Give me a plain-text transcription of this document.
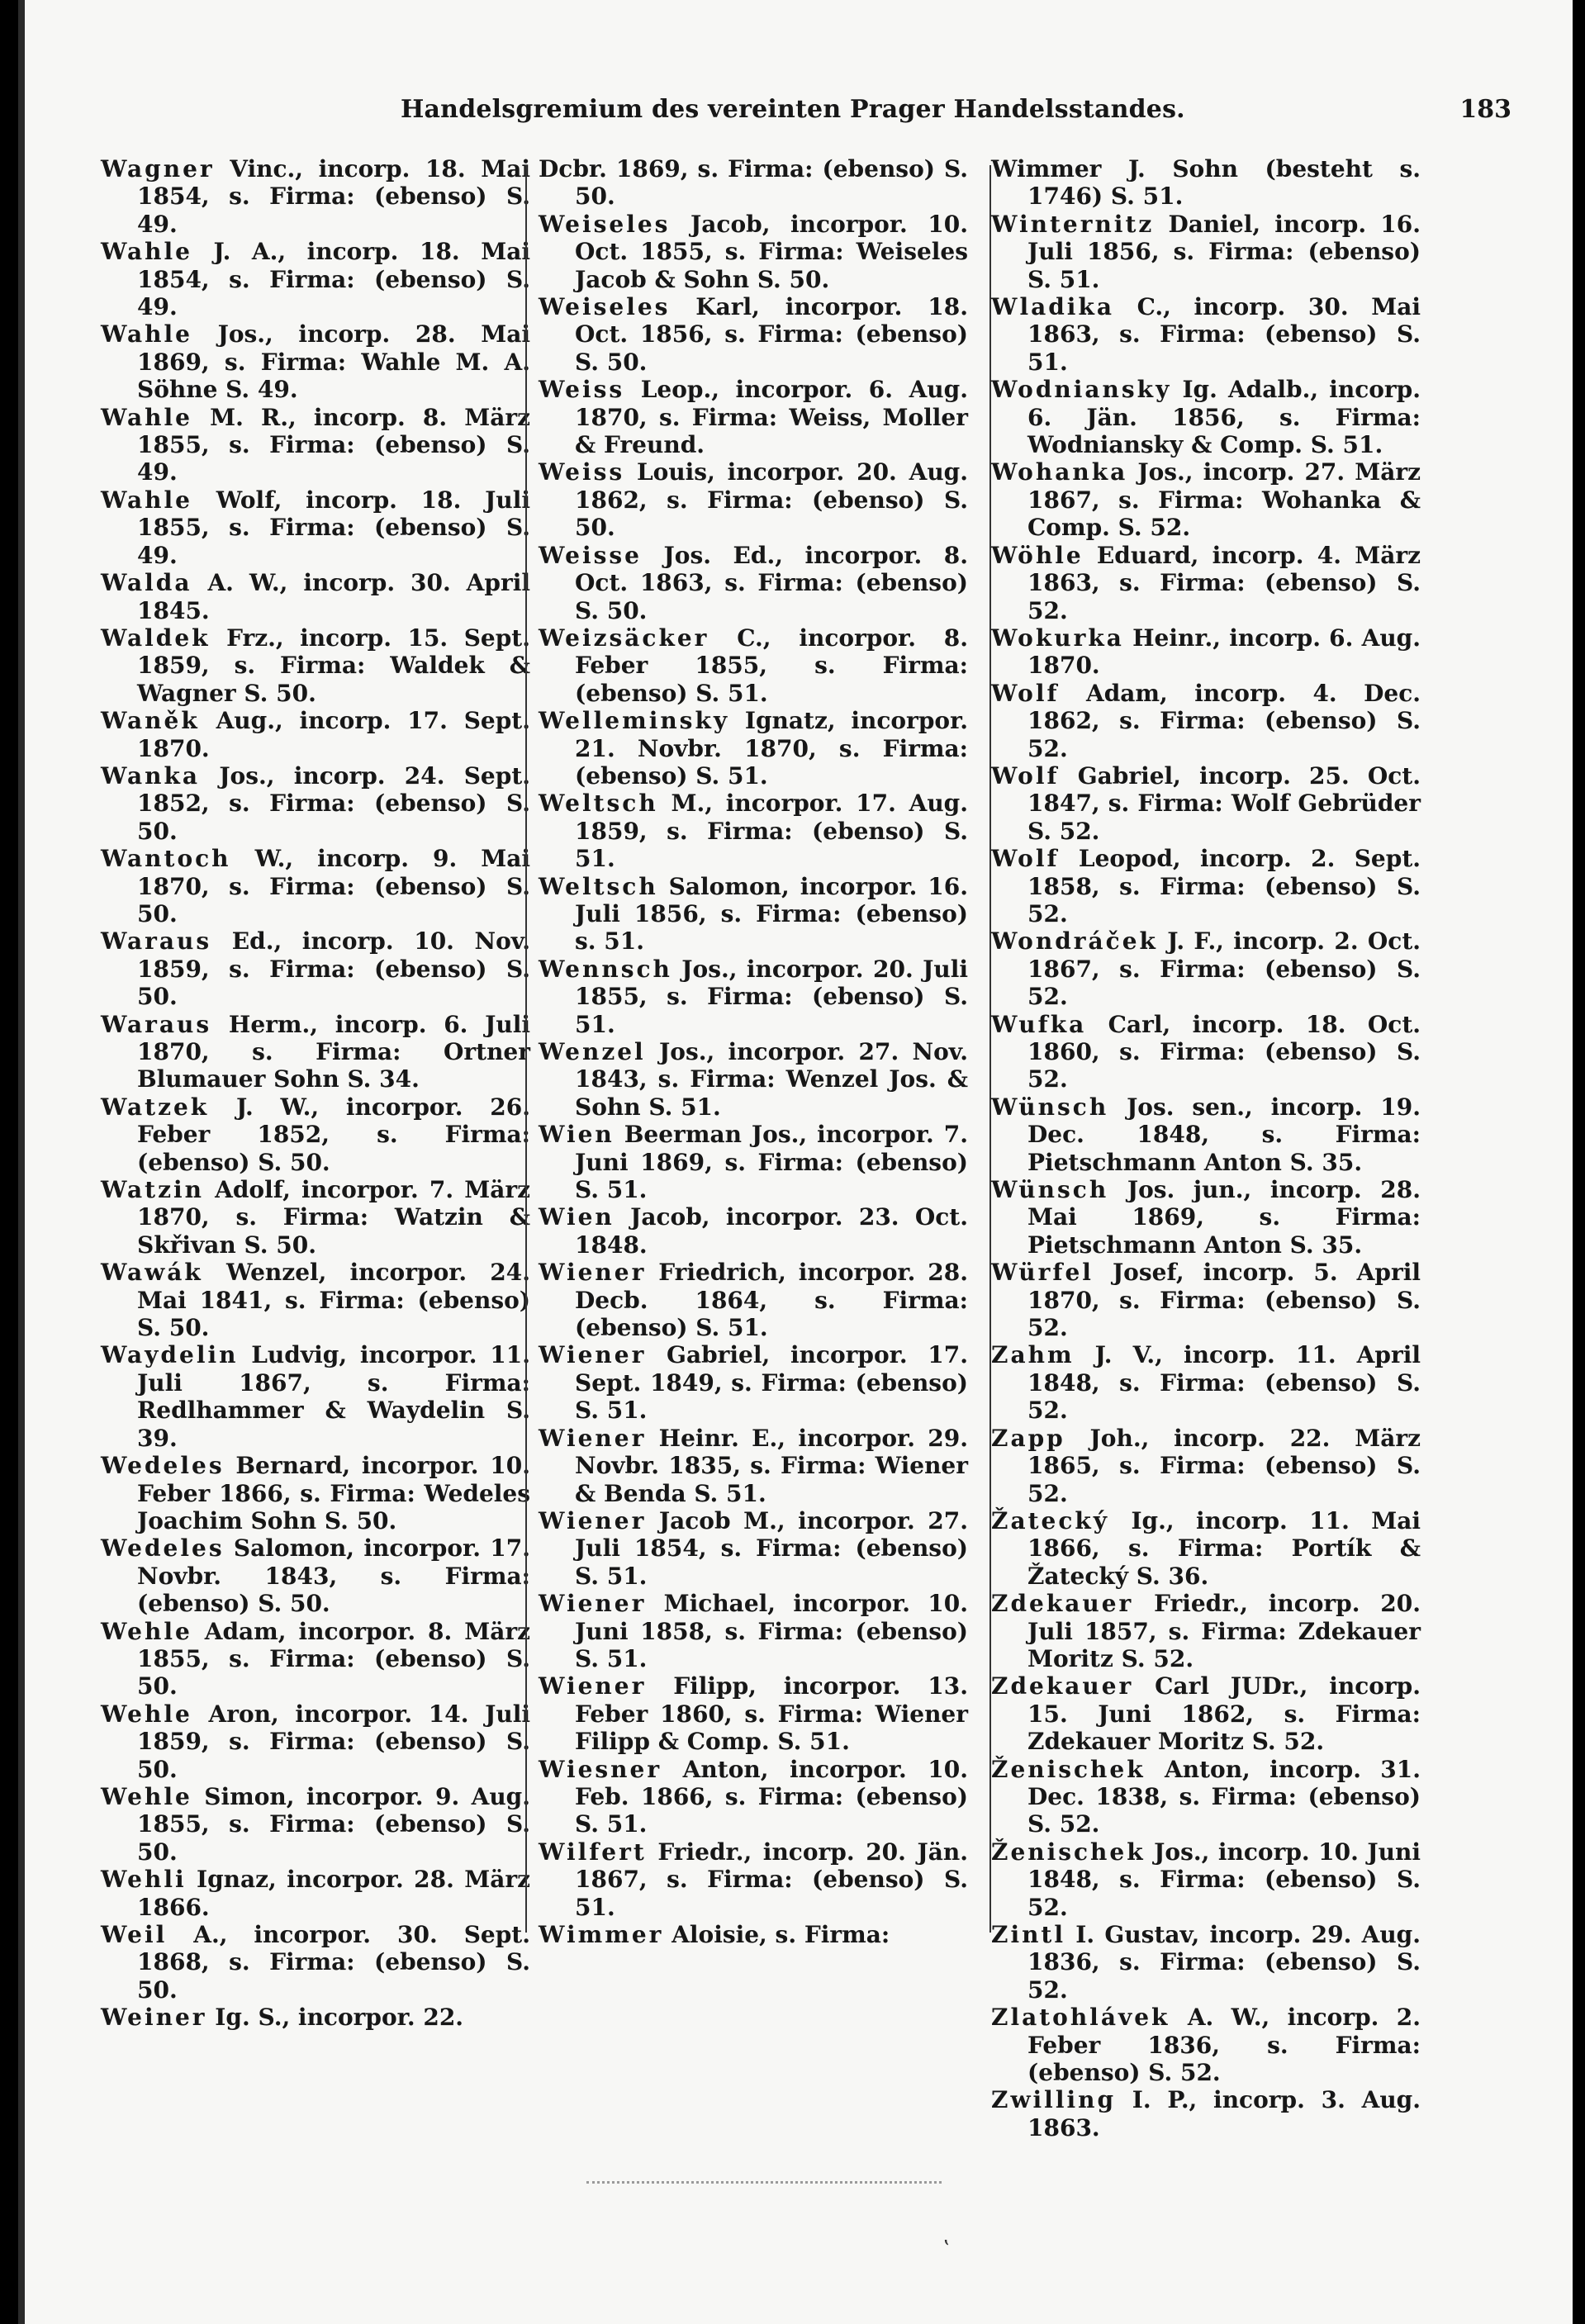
Handelsgremium des vereinten Prager Handelsstandes.	183
Wagner Vinc., incorp. 18. Mai 1854, s. Firma: (ebenso) S. 49.
Wahle J. A., incorp. 18. Mai 1854, s. Firma: (ebenso) S. 49.
Wahle Jos., incorp. 28. Mai 1869, s. Firma: Wahle M. A. Söhne S. 49.
Wahle M. R., incorp. 8. März 1855, s. Firma: (ebenso) S. 49.
Wahle Wolf, incorp. 18. Juli 1855, s. Firma: (ebenso) S. 49.
Walda A. W., incorp. 30. April 1845.
Waldek Frz., incorp. 15. Sept. 1859, s. Firma: Waldek & Wagner S. 50.
Waněk Aug., incorp. 17. Sept. 1870.
Wanka Jos., incorp. 24. Sept. 1852, s. Firma: (ebenso) S. 50.
Wantoch W., incorp. 9. Mai 1870, s. Firma: (ebenso) S. 50.
Waraus Ed., incorp. 10. Nov. 1859, s. Firma: (ebenso) S. 50.
Waraus Herm., incorp. 6. Juli 1870, s. Firma: Ortner Blumauer Sohn S. 34.
Watzek J. W., incorpor. 26. Feber 1852, s. Firma: (ebenso) S. 50.
Watzin Adolf, incorpor. 7. März 1870, s. Firma: Watzin & Skřivan S. 50.
Wawák Wenzel, incorpor. 24. Mai 1841, s. Firma: (ebenso) S. 50.
Waydelin Ludvig, incorpor. 11. Juli 1867, s. Firma: Redlhammer & Waydelin S. 39.
Wedeles Bernard, incorpor. 10. Feber 1866, s. Firma: Wedeles Joachim Sohn S. 50.
Wedeles Salomon, incorpor. 17. Novbr. 1843, s. Firma: (ebenso) S. 50.
Wehle Adam, incorpor. 8. März 1855, s. Firma: (ebenso) S. 50.
Wehle Aron, incorpor. 14. Juli 1859, s. Firma: (ebenso) S. 50.
Wehle Simon, incorpor. 9. Aug. 1855, s. Firma: (ebenso) S. 50.
Wehli Ignaz, incorpor. 28. März 1866.
Weil A., incorpor. 30. Sept. 1868, s. Firma: (ebenso) S. 50.
Weiner Ig. S., incorpor. 22.
Dcbr. 1869, s. Firma: (ebenso) S. 50.
Weiseles Jacob, incorpor. 10. Oct. 1855, s. Firma: Weiseles Jacob & Sohn S. 50.
Weiseles Karl, incorpor. 18. Oct. 1856, s. Firma: (ebenso) S. 50.
Weiss Leop., incorpor. 6. Aug. 1870, s. Firma: Weiss, Moller & Freund.
Weiss Louis, incorpor. 20. Aug. 1862, s. Firma: (ebenso) S. 50.
Weisse Jos. Ed., incorpor. 8. Oct. 1863, s. Firma: (ebenso) S. 50.
Weizsäcker C., incorpor. 8. Feber 1855, s. Firma: (ebenso) S. 51.
Welleminsky Ignatz, incorpor. 21. Novbr. 1870, s. Firma: (ebenso) S. 51.
Weltsch M., incorpor. 17. Aug. 1859, s. Firma: (ebenso) S. 51.
Weltsch Salomon, incorpor. 16. Juli 1856, s. Firma: (ebenso) s. 51.
Wennsch Jos., incorpor. 20. Juli 1855, s. Firma: (ebenso) S. 51.
Wenzel Jos., incorpor. 27. Nov. 1843, s. Firma: Wenzel Jos. & Sohn S. 51.
Wien Beerman Jos., incorpor. 7. Juni 1869, s. Firma: (ebenso) S. 51.
Wien Jacob, incorpor. 23. Oct. 1848.
Wiener Friedrich, incorpor. 28. Decb. 1864, s. Firma: (ebenso) S. 51.
Wiener Gabriel, incorpor. 17. Sept. 1849, s. Firma: (ebenso) S. 51.
Wiener Heinr. E., incorpor. 29. Novbr. 1835, s. Firma: Wiener & Benda S. 51.
Wiener Jacob M., incorpor. 27. Juli 1854, s. Firma: (ebenso) S. 51.
Wiener Michael, incorpor. 10. Juni 1858, s. Firma: (ebenso) S. 51.
Wiener Filipp, incorpor. 13. Feber 1860, s. Firma: Wiener Filipp & Comp. S. 51.
Wiesner Anton, incorpor. 10. Feb. 1866, s. Firma: (ebenso) S. 51.
Wilfert Friedr., incorp. 20. Jän. 1867, s. Firma: (ebenso) S. 51.
Wimmer Aloisie, s. Firma:
Wimmer J. Sohn (besteht s. 1746) S. 51.
Winternitz Daniel, incorp. 16. Juli 1856, s. Firma: (ebenso) S. 51.
Wladika C., incorp. 30. Mai 1863, s. Firma: (ebenso) S. 51.
Wodniansky Ig. Adalb., incorp. 6. Jän. 1856, s. Firma: Wodniansky & Comp. S. 51.
Wohanka Jos., incorp. 27. März 1867, s. Firma: Wohanka & Comp. S. 52.
Wöhle Eduard, incorp. 4. März 1863, s. Firma: (ebenso) S. 52.
Wokurka Heinr., incorp. 6. Aug. 1870.
Wolf Adam, incorp. 4. Dec. 1862, s. Firma: (ebenso) S. 52.
Wolf Gabriel, incorp. 25. Oct. 1847, s. Firma: Wolf Gebrüder S. 52.
Wolf Leopod, incorp. 2. Sept. 1858, s. Firma: (ebenso) S. 52.
Wondráček J. F., incorp. 2. Oct. 1867, s. Firma: (ebenso) S. 52.
Wufka Carl, incorp. 18. Oct. 1860, s. Firma: (ebenso) S. 52.
Wünsch Jos. sen., incorp. 19. Dec. 1848, s. Firma: Pietschmann Anton S. 35.
Wünsch Jos. jun., incorp. 28. Mai 1869, s. Firma: Pietschmann Anton S. 35.
Würfel Josef, incorp. 5. April 1870, s. Firma: (ebenso) S. 52.
Zahm J. V., incorp. 11. April 1848, s. Firma: (ebenso) S. 52.
Zapp Joh., incorp. 22. März 1865, s. Firma: (ebenso) S. 52.
Žatecký Ig., incorp. 11. Mai 1866, s. Firma: Portík & Žatecký S. 36.
Zdekauer Friedr., incorp. 20. Juli 1857, s. Firma: Zdekauer Moritz S. 52.
Zdekauer Carl JUDr., incorp. 15. Juni 1862, s. Firma: Zdekauer Moritz S. 52.
Ženischek Anton, incorp. 31. Dec. 1838, s. Firma: (ebenso) S. 52.
Ženischek Jos., incorp. 10. Juni 1848, s. Firma: (ebenso) S. 52.
Zintl I. Gustav, incorp. 29. Aug. 1836, s. Firma: (ebenso) S. 52.
Zlatohlávek A. W., incorp. 2. Feber 1836, s. Firma: (ebenso) S. 52.
Zwilling I. P., incorp. 3. Aug. 1863.
‛
